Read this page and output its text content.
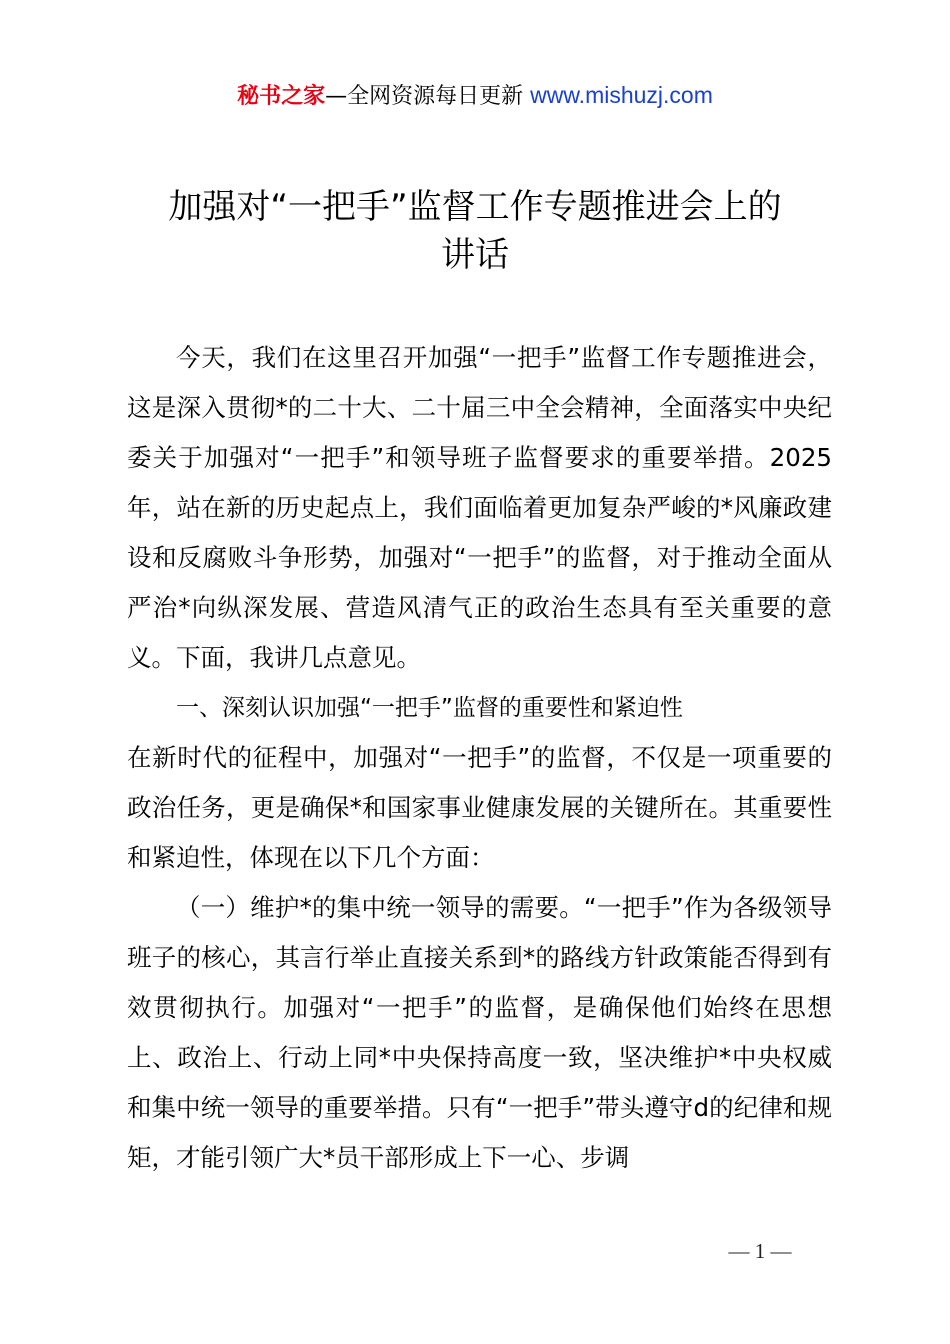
秘书之家—全网资源每日更新 www.mishuzj.com
加强对“一把手”监督工作专题推进会上的
讲话

今天，我们在这里召开加强“一把手”监督工作专题推进会，这是深入贯彻*的二十大、二十届三中全会精神，全面落实中央纪委关于加强对“一把手”和领导班子监督要求的重要举措。2025年，站在新的历史起点上，我们面临着更加复杂严峻的*风廉政建设和反腐败斗争形势，加强对“一把手”的监督，对于推动全面从严治*向纵深发展、营造风清气正的政治生态具有至关重要的意义。下面，我讲几点意见。

一、深刻认识加强“一把手”监督的重要性和紧迫性

在新时代的征程中，加强对“一把手”的监督，不仅是一项重要的政治任务，更是确保*和国家事业健康发展的关键所在。其重要性和紧迫性，体现在以下几个方面：

（一）维护*的集中统一领导的需要。“一把手”作为各级领导班子的核心，其言行举止直接关系到*的路线方针政策能否得到有效贯彻执行。加强对“一把手”的监督，是确保他们始终在思想上、政治上、行动上同*中央保持高度一致，坚决维护*中央权威和集中统一领导的重要举措。只有“一把手”带头遵守d的纪律和规矩，才能引领广大*员干部形成上下一心、步调

— 1 —
